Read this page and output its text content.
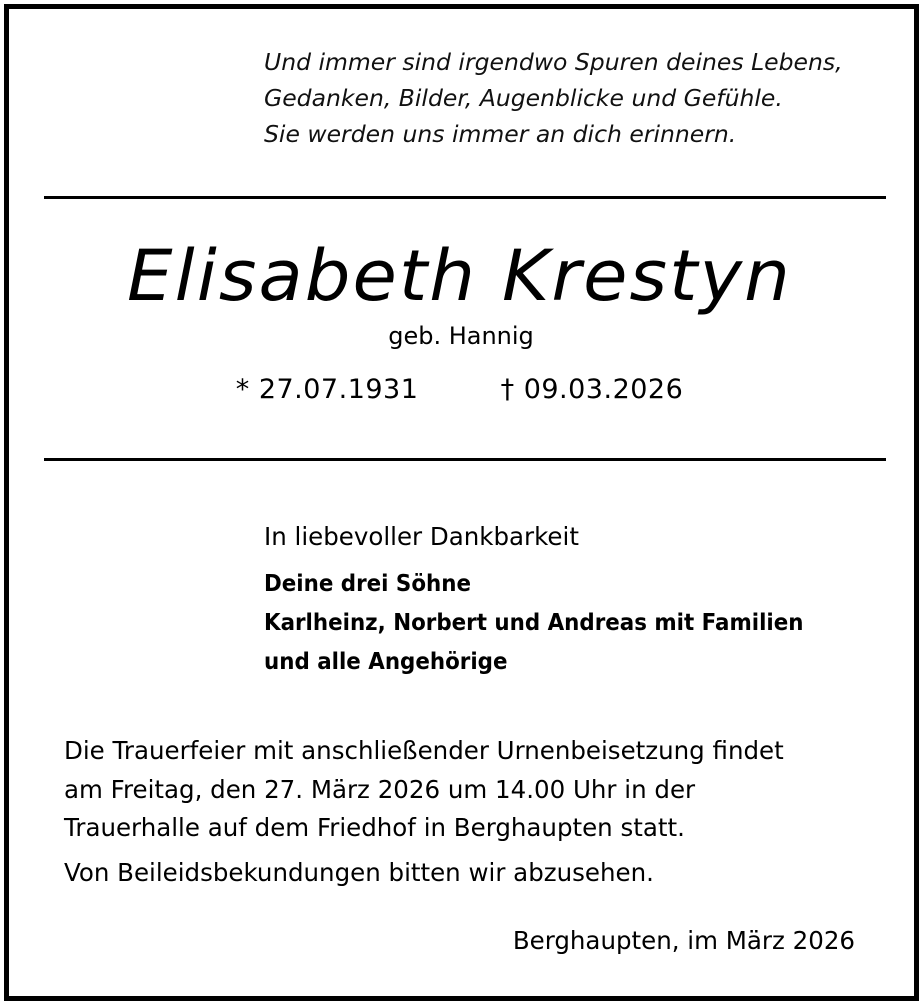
Und immer sind irgendwo Spuren deines Lebens,
Gedanken, Bilder, Augenblicke und Gefühle.
Sie werden uns immer an dich erinnern.
Elisabeth Krestyn
geb. Hannig
* 27.07.1931	† 09.03.2026
In liebevoller Dankbarkeit
Deine drei Söhne
Karlheinz, Norbert und Andreas mit Familien
und alle Angehörige
Die Trauerfeier mit anschließender Urnenbeisetzung findet
am Freitag, den 27. März 2026 um 14.00 Uhr in der
Trauerhalle auf dem Friedhof in Berghaupten statt.
Von Beileidsbekundungen bitten wir abzusehen.
Berghaupten, im März 2026
